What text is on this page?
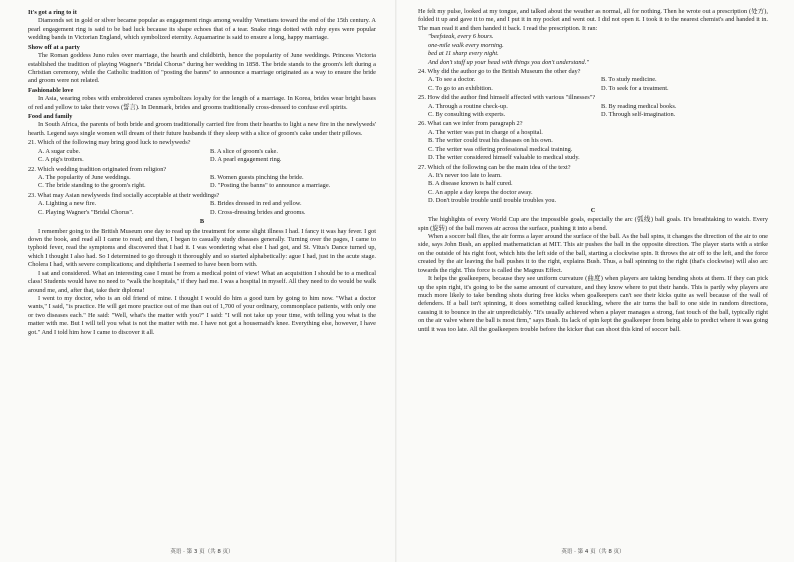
It's got a ring to it
Diamonds set in gold or silver became popular as engagement rings among wealthy Venetians toward the end of the 15th century. A pearl engagement ring is said to be bad luck because its shape echoes that of a tear. Snake rings dotted with ruby eyes were popular wedding bands in Victorian England, which symbolized eternity. Aquamarine is said to ensure a long, happy marriage.
Show off at a party
The Roman goddess Juno rules over marriage, the hearth and childbirth, hence the popularity of June weddings. Princess Victoria established the tradition of playing Wagner's "Bridal Chorus" during her wedding in 1858. The bride stands to the groom's left during a Christian ceremony, while the Catholic tradition of "posting the banns" to announce a marriage originated as a way to ensure the bride and groom were not related.
Fashionable love
In Asia, wearing robes with embroidered cranes symbolizes loyalty for the length of a marriage. In Korea, brides wear bright bases of red and yellow to take their vows (誓言). In Denmark, brides and grooms traditionally cross-dressed to confuse evil spirits.
Food and family
In South Africa, the parents of both bride and groom traditionally carried fire from their hearths to light a new fire in the newlyweds' hearth. Legend says single women will dream of their future husbands if they sleep with a slice of groom's cake under their pillows.
21. Which of the following may bring good luck to newlyweds?
A. A sugar cube.	B. A slice of groom's cake.
C. A pig's trotters.	D. A pearl engagement ring.
22. Which wedding tradition originated from religion?
A. The popularity of June weddings.	B. Women guests pinching the bride.
C. The bride standing to the groom's right.	D. "Posting the banns" to announce a marriage.
23. What may Asian newlyweds find socially acceptable at their weddings?
A. Lighting a new fire.	B. Brides dressed in red and yellow.
C. Playing Wagner's "Bridal Chorus".	D. Cross-dressing brides and grooms.
B
I remember going to the British Museum one day to read up the treatment for some slight illness I had. I fancy it was hay fever. I got down the book, and read all I came to read; and then, I began to casually study diseases generally. Turning over the pages, I came to typhoid fever, read the symptoms and discovered that I had it. I was wondering what else I had got, and St. Vitus's Dance turned up, which I thought I also had. So I determined to go through it thoroughly and so started alphabetically: ague I had, just in the acute stage. Cholera I had, with severe complications; and diphtheria I seemed to have been born with.
I sat and considered. What an interesting case I must be from a medical point of view! What an acquisition I should be to a medical class! Students would have no need to "walk the hospitals," if they had me. I was a hospital in myself. All they need to do would be walk around me, and, after that, take their diploma!
I went to my doctor, who is an old friend of mine. I thought I would do him a good turn by going to him now. "What a doctor wants," I said, "is practice. He will get more practice out of me than out of 1,700 of your ordinary, commonplace patients, with only one or two diseases each." He said: "Well, what's the matter with you?" I said: "I will not take up your time, with telling you what is the matter with me. But I will tell you what is not the matter with me. I have not got a housemaid's knee. Everything else, however, I have got." And I told him how I came to discover it all.
英语 · 第 3 页（共 8 页）
He felt my pulse, looked at my tongue, and talked about the weather as normal, all for nothing. Then he wrote out a prescription (处方), folded it up and gave it to me, and I put it in my pocket and went out. I did not open it. I took it to the nearest chemist's and handed it in. The man read it and then handed it back. I read the prescription. It ran:
"beefsteak, every 6 hours.
one-mile walk every morning.
bed at 11 sharp every night.
And don't stuff up your head with things you don't understand."
24. Why did the author go to the British Museum the other day?
A. To see a doctor.	B. To study medicine.
C. To go to an exhibition.	D. To seek for a treatment.
25. How did the author find himself affected with various "illnesses"?
A. Through a routine check-up.	B. By reading medical books.
C. By consulting with experts.	D. Through self-imagination.
26. What can we infer from paragraph 2?
A. The writer was put in charge of a hospital.
B. The writer could treat his diseases on his own.
C. The writer was offering professional medical training.
D. The writer considered himself valuable to medical study.
27. Which of the following can be the main idea of the text?
A. It's never too late to learn.
B. A disease known is half cured.
C. An apple a day keeps the doctor away.
D. Don't trouble trouble until trouble troubles you.
C
The highlights of every World Cup are the impossible goals, especially the arc (弧线) ball goals. It's breathtaking to watch. Every spin (旋转) of the ball moves air across the surface, pushing it into a bend.
When a soccer ball flies, the air forms a layer around the surface of the ball. As the ball spins, it changes the direction of the air to one side, says John Bush, an applied mathematician at MIT. This air pushes the ball in the opposite direction. The player starts with a strike on the outside of his right foot, which hits the left side of the ball, starting a clockwise spin. It throws the air off to the left, and the force created by the air leaving the ball pushes it to the right, explains Bush. Thus, a ball spinning to the right (that's clockwise) will also arc towards the right. This force is called the Magnus Effect.
It helps the goalkeepers, because they see uniform curvature (曲度) when players are taking bending shots at them. If they can pick up the spin right, it's going to be the same amount of curvature, and they know where to put their hands. This is partly why players are much more likely to take bending shots during free kicks when goalkeepers can't see their kicks quite as well because of the wall of defenders. If a ball isn't spinning, it does something called knuckling, where the air turns the ball to one side in random directions, causing it to bounce in the air unpredictably. "It's usually achieved when a player manages a strong, fast touch of the ball, typically right on the air valve where the ball is most firm," says Bush. Its lack of spin kept the goalkeeper from being able to predict where it was going until it was too late. All the goalkeepers trouble before the kicker that can shoot this kind of soccer ball.
英语 · 第 4 页（共 8 页）
